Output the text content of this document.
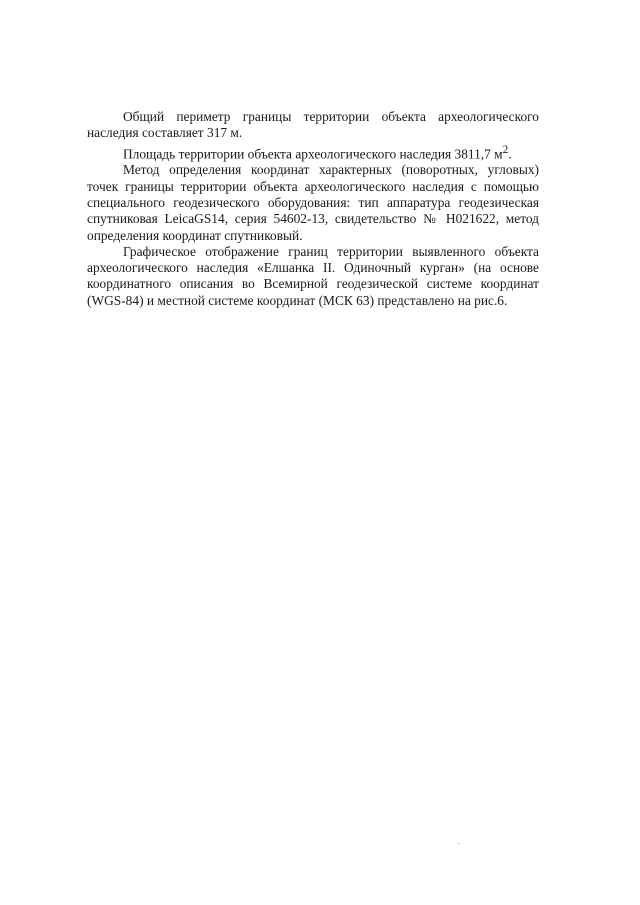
Общий периметр границы территории объекта археологического наследия составляет 317 м.

Площадь территории объекта археологического наследия 3811,7 $м^2$.

Метод определения координат характерных (поворотных, угловых) точек границы территории объекта археологического наследия с помощью специального геодезического оборудования: тип аппаратура геодезическая спутниковая LeicaGS14, серия 54602-13, свидетельство № Н021622, метод определения координат спутниковый.

Графическое отображение границ территории выявленного объекта археологического наследия «Елшанка II. Одиночный курган» (на основе координатного описания во Всемирной геодезической системе координат (WGS-84) и местной системе координат (МСК 63) представлено на рис.6.
